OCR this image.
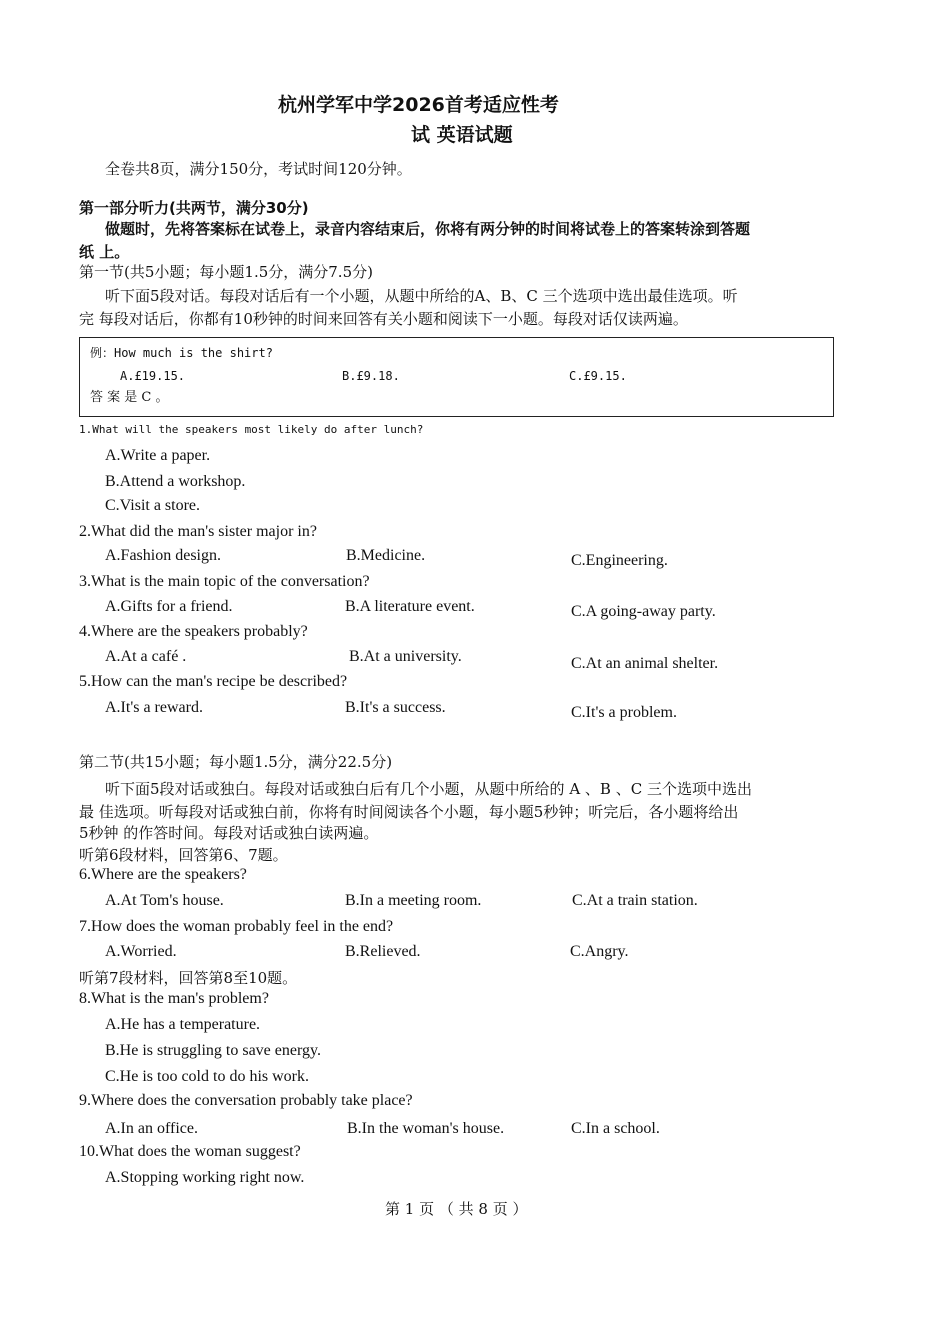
杭州学军中学2026首考适应性考
试 英语试题
全卷共8页，满分150分，考试时间120分钟。
第一部分听力(共两节，满分30分)
做题时，先将答案标在试卷上，录音内容结束后，你将有两分钟的时间将试卷上的答案转涂到答题
纸 上。
第一节(共5小题；每小题1.5分，满分7.5分)
听下面5段对话。每段对话后有一个小题，从题中所给的A、B、C 三个选项中选出最佳选项。听
完 每段对话后，你都有10秒钟的时间来回答有关小题和阅读下一小题。每段对话仅读两遍。
例：How much is the shirt?
A.£19.15.	B.£9.18.	C.£9.15.
答 案 是 C 。
1.What will the speakers most likely do after lunch?
A.Write a paper.
B.Attend a workshop.
C.Visit a store.
2.What did the man's sister major in?
A.Fashion design.	B.Medicine.	C.Engineering.
3.What is the main topic of the conversation?
A.Gifts for a friend.	B.A literature event.	C.A going-away party.
4.Where are the speakers probably?
A.At a café .	B.At a university.	C.At an animal shelter.
5.How can the man's recipe be described?
A.It's a reward.	B.It's a success.	C.It's a problem.
第二节(共15小题；每小题1.5分，满分22.5分)
听下面5段对话或独白。每段对话或独白后有几个小题，从题中所给的 A 、B 、C 三个选项中选出
最 佳选项。听每段对话或独白前，你将有时间阅读各个小题，每小题5秒钟；听完后，各小题将给出
5秒钟 的作答时间。每段对话或独白读两遍。
听第6段材料，回答第6、7题。
6.Where are the speakers?
A.At Tom's house.	B.In a meeting room.	C.At a train station.
7.How does the woman probably feel in the end?
A.Worried.	B.Relieved.	C.Angry.
听第7段材料，回答第8至10题。
8.What is the man's problem?
A.He has a temperature.
B.He is struggling to save energy.
C.He is too cold to do his work.
9.Where does the conversation probably take place?
A.In an office.	B.In the woman's house.	C.In a school.
10.What does the woman suggest?
A.Stopping working right now.
第 1 页 （ 共 8 页 ）
